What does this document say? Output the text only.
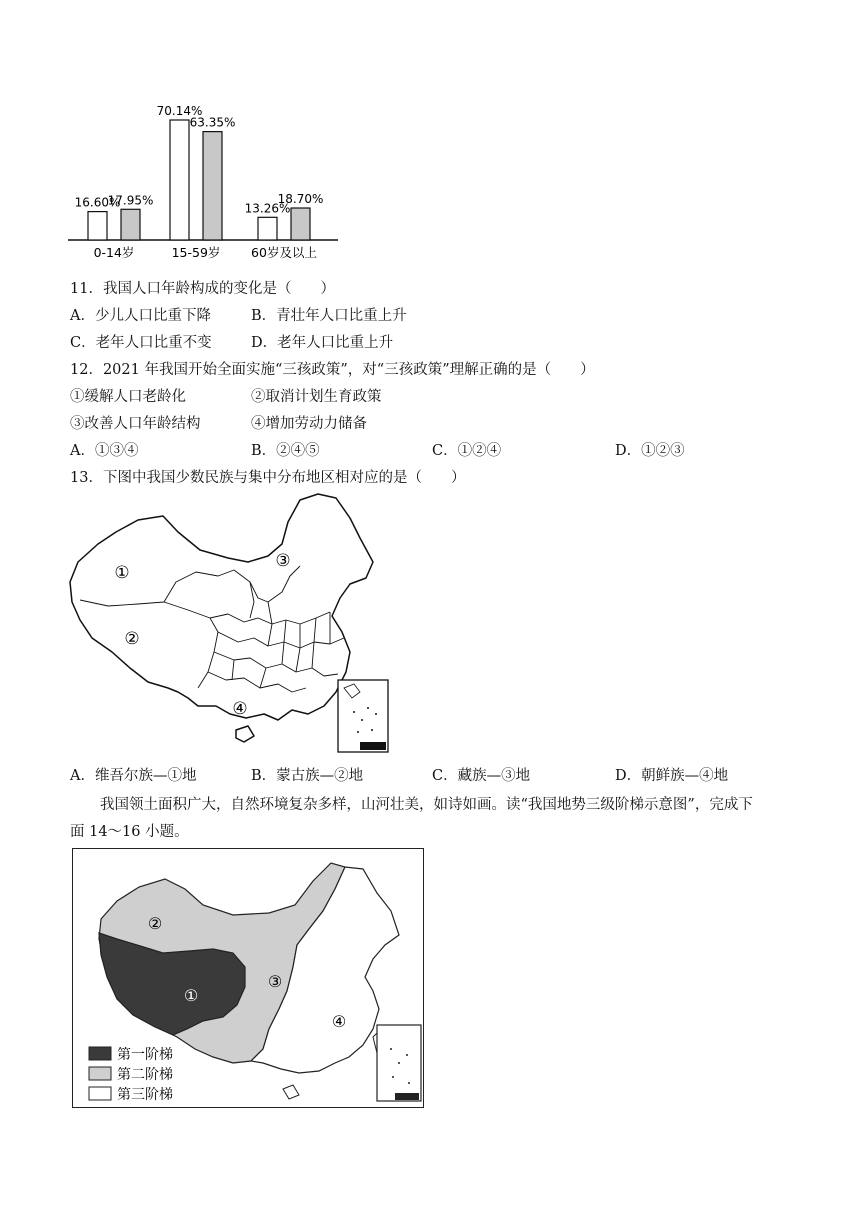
16.60%
17.95%
0-14岁
70.14%
63.35%
15-59岁
13.26%
18.70%
60岁及以上
11．我国人口年龄构成的变化是（　　）
A．少儿人口比重下降	B．青壮年人口比重上升
C．老年人口比重不变	D．老年人口比重上升
12．2021 年我国开始全面实施“三孩政策”，对“三孩政策”理解正确的是（　　）
①缓解人口老龄化	②取消计划生育政策
③改善人口年龄结构	④增加劳动力储备
A．①③④	B．②④⑤	C．①②④	D．①②③
13．下图中我国少数民族与集中分布地区相对应的是（　　）
①
②
③
④
A．维吾尔族—①地	B．蒙古族—②地	C．藏族—③地	D．朝鲜族—④地
我国领土面积广大，自然环境复杂多样，山河壮美，如诗如画。读“我国地势三级阶梯示意图”，完成下
面 14～16 小题。
第一阶梯
第二阶梯
第三阶梯
①
②
③
④
